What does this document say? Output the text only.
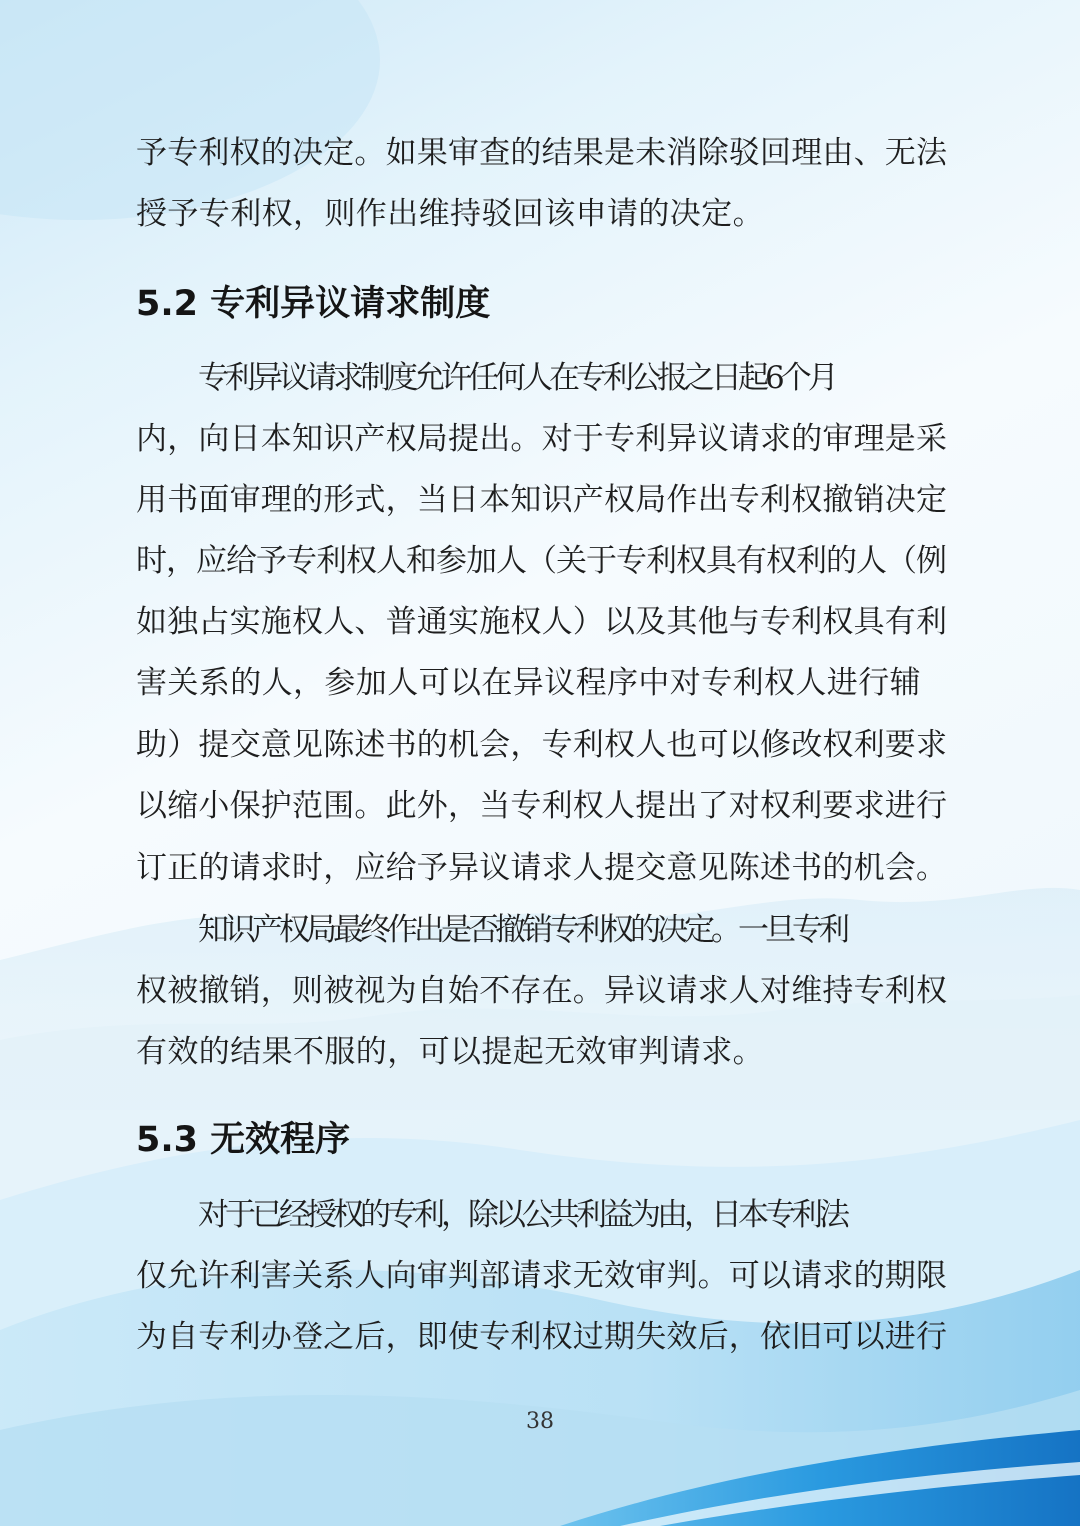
予专利权的决定。如果审查的结果是未消除驳回理由、无法

授予专利权，则作出维持驳回该申请的决定。

5.2 专利异议请求制度

专利异议请求制度允许任何人在专利公报之日起6个月

内，向日本知识产权局提出。对于专利异议请求的审理是采

用书面审理的形式，当日本知识产权局作出专利权撤销决定

时，应给予专利权人和参加人（关于专利权具有权利的人（例

如独占实施权人、普通实施权人）以及其他与专利权具有利

害关系的人，参加人可以在异议程序中对专利权人进行辅

助）提交意见陈述书的机会，专利权人也可以修改权利要求

以缩小保护范围。此外，当专利权人提出了对权利要求进行

订正的请求时，应给予异议请求人提交意见陈述书的机会。

知识产权局最终作出是否撤销专利权的决定。一旦专利

权被撤销，则被视为自始不存在。异议请求人对维持专利权

有效的结果不服的，可以提起无效审判请求。

5.3 无效程序

对于已经授权的专利，除以公共利益为由，日本专利法

仅允许利害关系人向审判部请求无效审判。可以请求的期限

为自专利办登之后，即使专利权过期失效后，依旧可以进行

38
